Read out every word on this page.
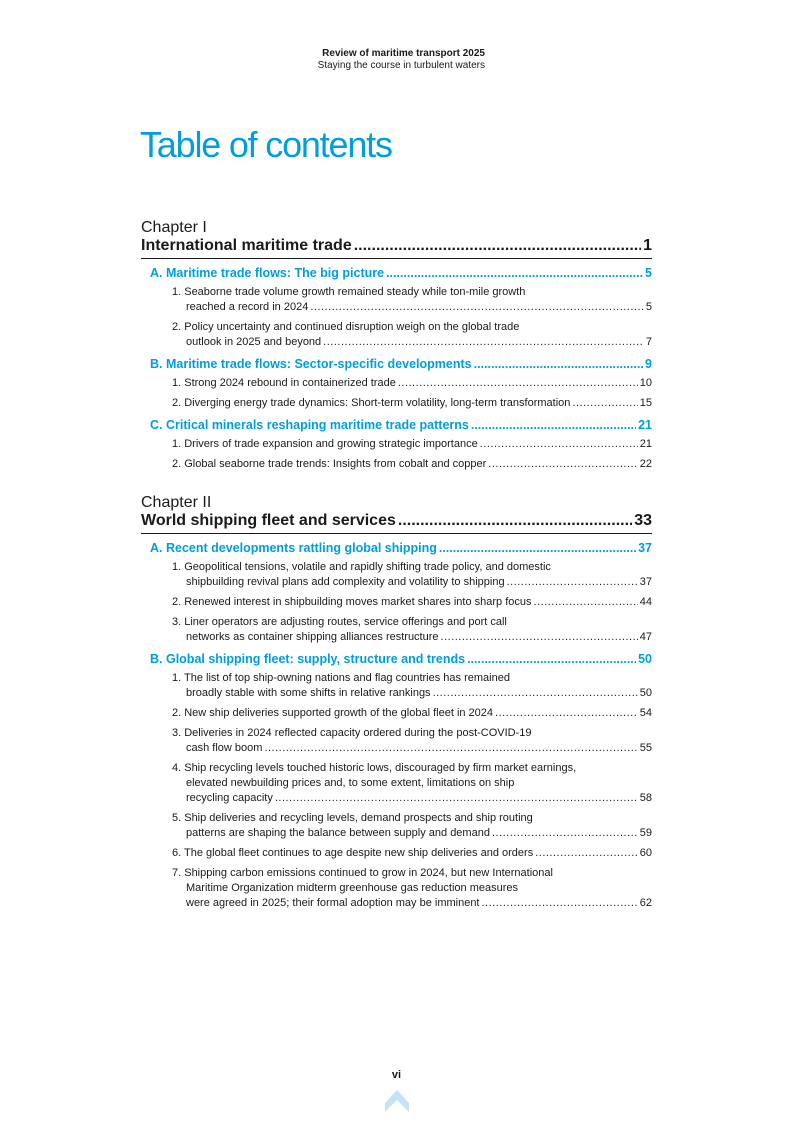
Review of maritime transport 2025
Staying the course in turbulent waters
Table of contents
Chapter I
International maritime trade .....	1
A. Maritime trade flows: The big picture .....	5
1. Seaborne trade volume growth remained steady while ton-mile growth
reached a record in 2024 .....	5
2. Policy uncertainty and continued disruption weigh on the global trade
outlook in 2025 and beyond .....	7
B. Maritime trade flows: Sector-specific developments .....	9
1. Strong 2024 rebound in containerized trade .....	10
2. Diverging energy trade dynamics: Short-term volatility, long-term transformation .....	15
C. Critical minerals reshaping maritime trade patterns .....	21
1. Drivers of trade expansion and growing strategic importance .....	21
2. Global seaborne trade trends: Insights from cobalt and copper .....	22
Chapter II
World shipping fleet and services .....	33
A. Recent developments rattling global shipping .....	37
1. Geopolitical tensions, volatile and rapidly shifting trade policy, and domestic
shipbuilding revival plans add complexity and volatility to shipping .....	37
2. Renewed interest in shipbuilding moves market shares into sharp focus .....	44
3. Liner operators are adjusting routes, service offerings and port call
networks as container shipping alliances restructure .....	47
B. Global shipping fleet: supply, structure and trends .....	50
1. The list of top ship-owning nations and flag countries has remained
broadly stable with some shifts in relative rankings .....	50
2. New ship deliveries supported growth of the global fleet in 2024 .....	54
3. Deliveries in 2024 reflected capacity ordered during the post-COVID-19
cash flow boom .....	55
4. Ship recycling levels touched historic lows, discouraged by firm market earnings,
elevated newbuilding prices and, to some extent, limitations on ship
recycling capacity .....	58
5. Ship deliveries and recycling levels, demand prospects and ship routing
patterns are shaping the balance between supply and demand .....	59
6. The global fleet continues to age despite new ship deliveries and orders .....	60
7. Shipping carbon emissions continued to grow in 2024, but new International
Maritime Organization midterm greenhouse gas reduction measures
were agreed in 2025; their formal adoption may be imminent .....	62
vi
